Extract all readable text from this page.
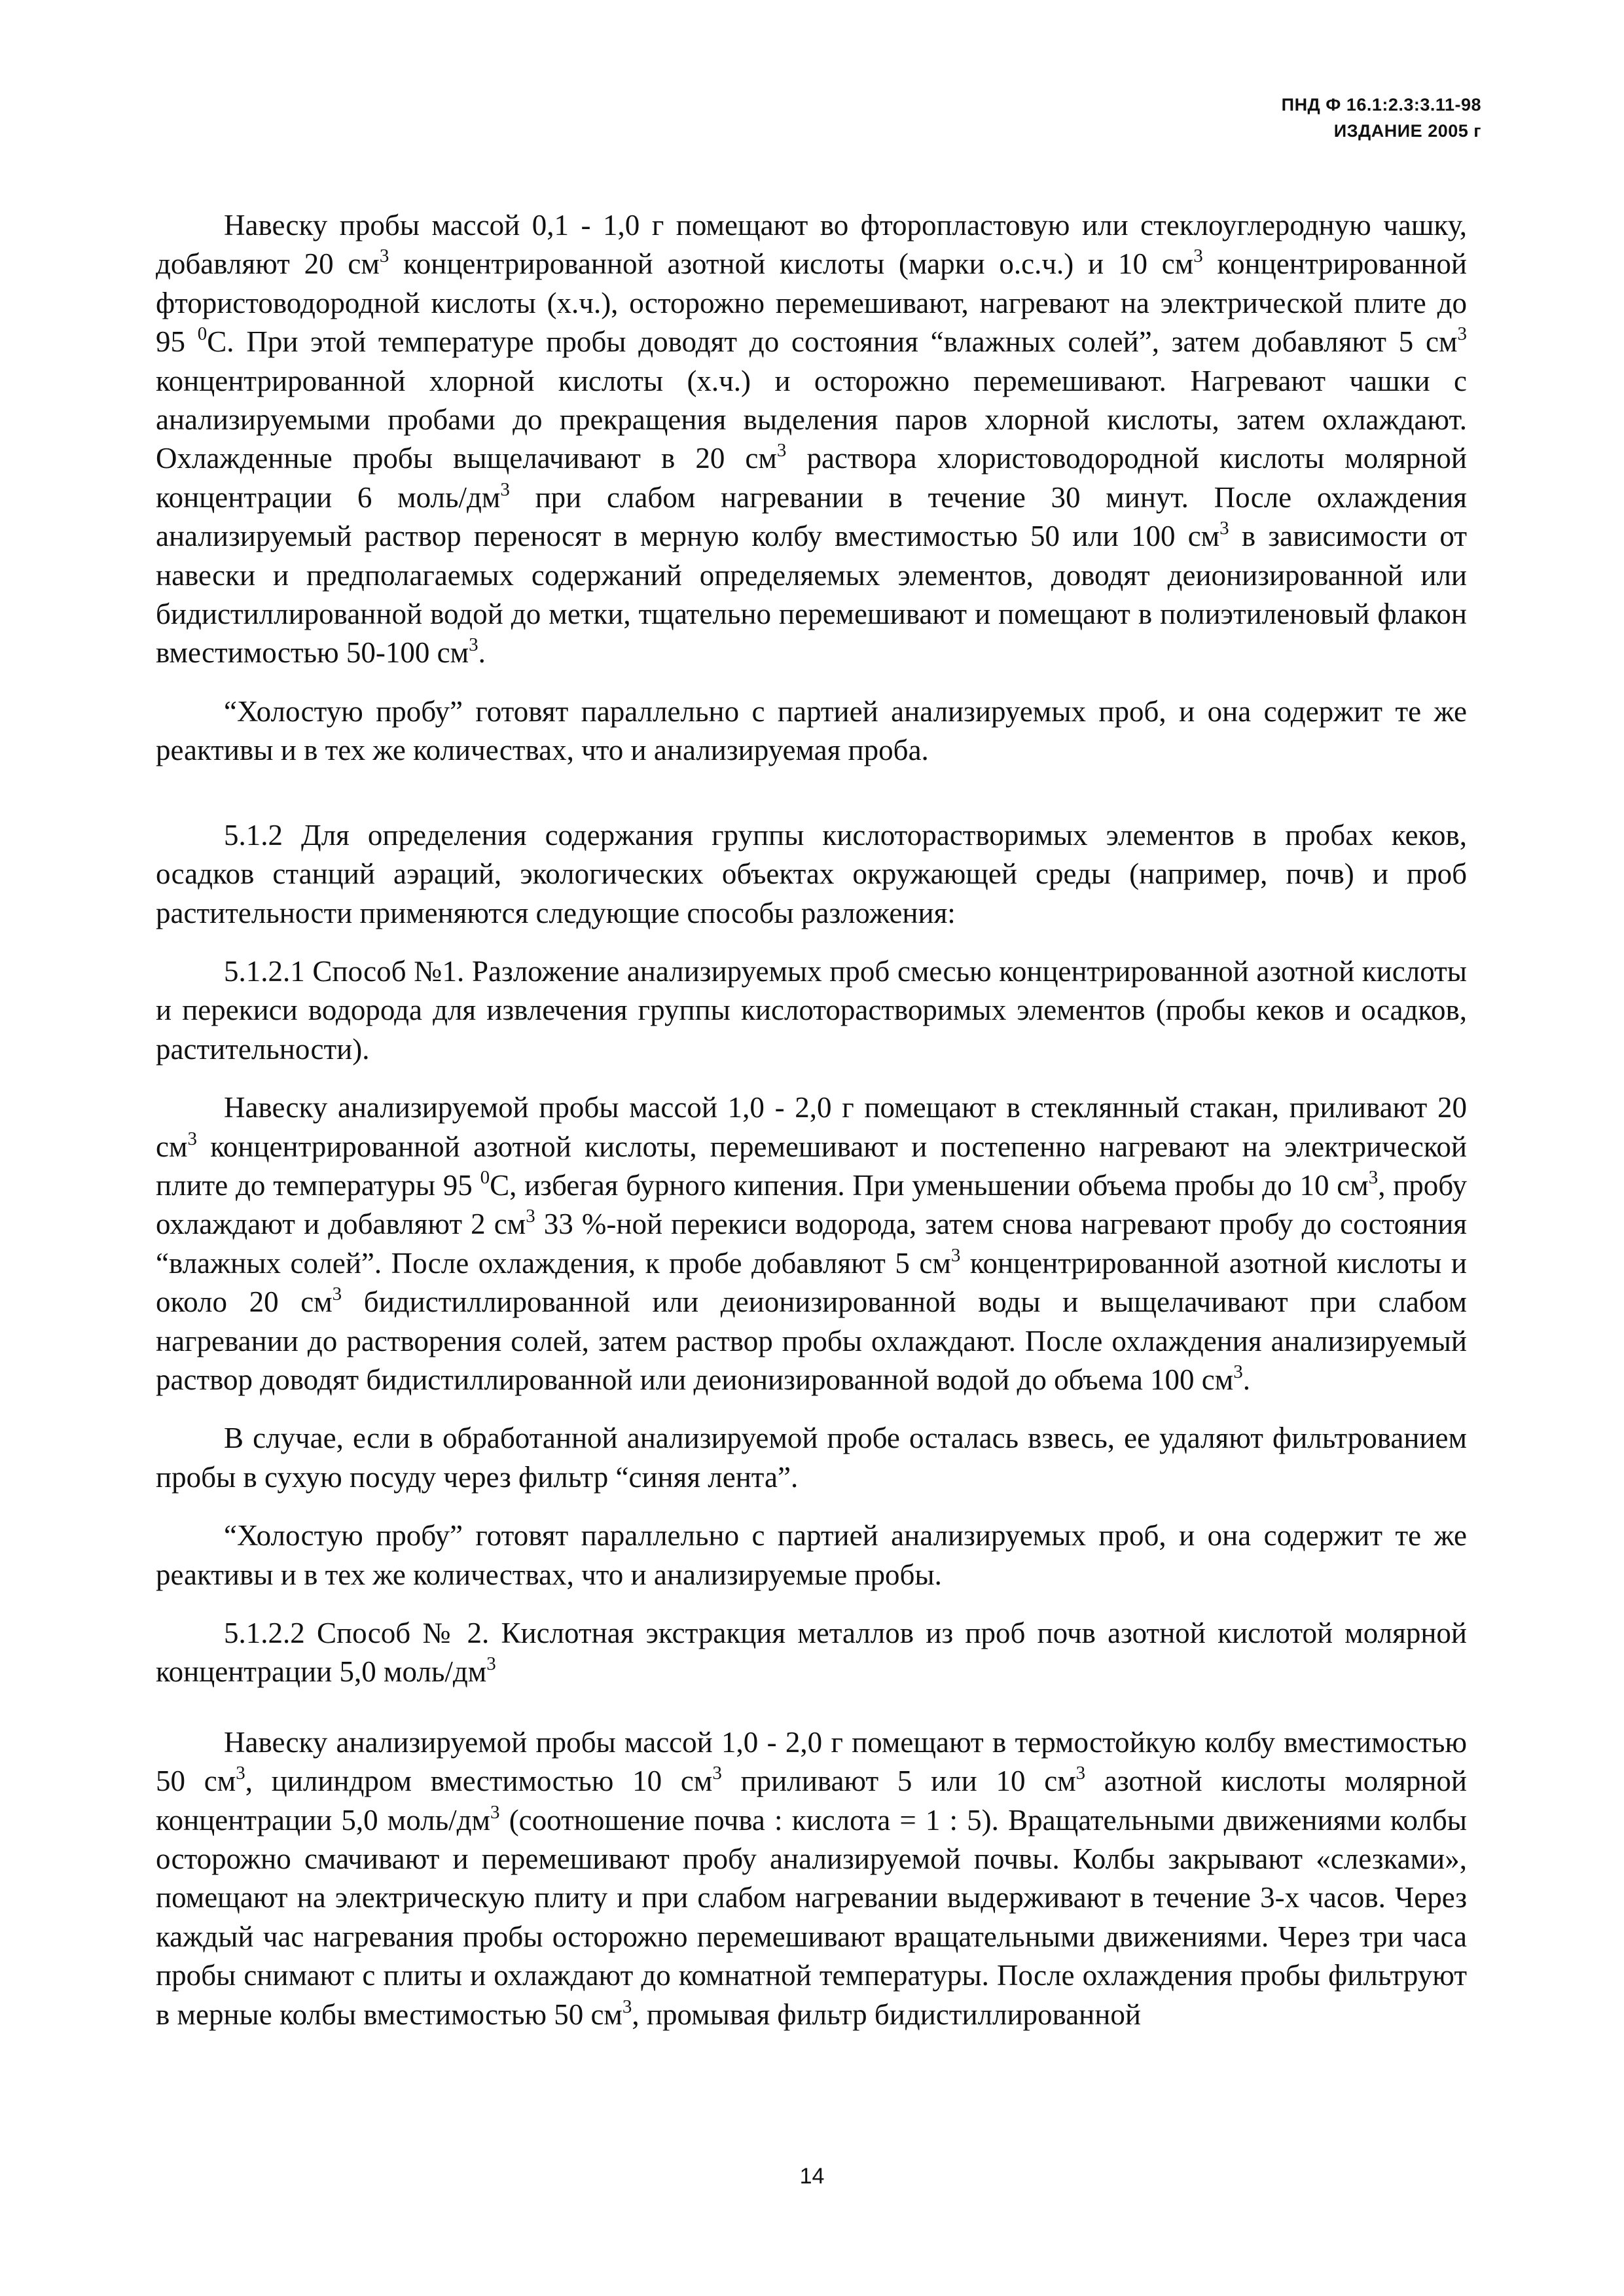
ПНД Ф 16.1:2.3:3.11-98
ИЗДАНИЕ 2005 г

Навеску пробы массой 0,1 - 1,0 г помещают во фторопластовую или стеклоуглеродную чашку, добавляют 20 $см^3$ концентрированной азотной кислоты (марки о.с.ч.) и 10 $см^3$ концентрированной фтористоводородной кислоты (х.ч.), осторожно перемешивают, нагревают на электрической плите до 95 $^0$С. При этой температуре пробы доводят до состояния “влажных солей”, затем добавляют 5 $см^3$ концентрированной хлорной кислоты (х.ч.) и осторожно перемешивают. Нагревают чашки с анализируемыми пробами до прекращения выделения паров хлорной кислоты, затем охлаждают. Охлажденные пробы выщелачивают в 20 $см^3$ раствора хлористоводородной кислоты молярной концентрации 6 моль/$дм^3$ при слабом нагревании в течение 30 минут. После охлаждения анализируемый раствор переносят в мерную колбу вместимостью 50 или 100 $см^3$ в зависимости от навески и предполагаемых содержаний определяемых элементов, доводят деионизированной или бидистиллированной водой до метки, тщательно перемешивают и помещают в полиэтиленовый флакон вместимостью 50-100 $см^3$.

“Холостую пробу” готовят параллельно с партией анализируемых проб, и она содержит те же реактивы и в тех же количествах, что и анализируемая проба.

5.1.2 Для определения содержания группы кислоторастворимых элементов в пробах кеков, осадков станций аэраций, экологических объектах окружающей среды (например, почв) и проб растительности применяются следующие способы разложения:

5.1.2.1 Способ №1. Разложение анализируемых проб смесью концентрированной азотной кислоты и перекиси водорода для извлечения группы кислоторастворимых элементов (пробы кеков и осадков, растительности).

Навеску анализируемой пробы массой 1,0 - 2,0 г помещают в стеклянный стакан, приливают 20 $см^3$ концентрированной азотной кислоты, перемешивают и постепенно нагревают на электрической плите до температуры 95 $^0$С, избегая бурного кипения. При уменьшении объема пробы до 10 $см^3$, пробу охлаждают и добавляют 2 $см^3$ 33 %-ной перекиси водорода, затем снова нагревают пробу до состояния “влажных солей”. После охлаждения, к пробе добавляют 5 $см^3$ концентрированной азотной кислоты и около 20 $см^3$ бидистиллированной или деионизированной воды и выщелачивают при слабом нагревании до растворения солей, затем раствор пробы охлаждают. После охлаждения анализируемый раствор доводят бидистиллированной или деионизированной водой до объема 100 $см^3$.

В случае, если в обработанной анализируемой пробе осталась взвесь, ее удаляют фильтрованием пробы в сухую посуду через фильтр “синяя лента”.

“Холостую пробу” готовят параллельно с партией анализируемых проб, и она содержит те же реактивы и в тех же количествах, что и анализируемые пробы.

5.1.2.2 Способ № 2. Кислотная экстракция металлов из проб почв азотной кислотой молярной концентрации 5,0 моль/$дм^3$

Навеску анализируемой пробы массой 1,0 - 2,0 г помещают в термостойкую колбу вместимостью 50 $см^3$, цилиндром вместимостью 10 $см^3$ приливают 5 или 10 $см^3$ азотной кислоты молярной концентрации 5,0 моль/$дм^3$ (соотношение почва : кислота = 1 : 5). Вращательными движениями колбы осторожно смачивают и перемешивают пробу анализируемой почвы. Колбы закрывают «слезками», помещают на электрическую плиту и при слабом нагревании выдерживают в течение 3-х часов. Через каждый час нагревания пробы осторожно перемешивают вращательными движениями. Через три часа пробы снимают с плиты и охлаждают до комнатной температуры. После охлаждения пробы фильтруют в мерные колбы вместимостью 50 $см^3$, промывая фильтр бидистиллированной

14
